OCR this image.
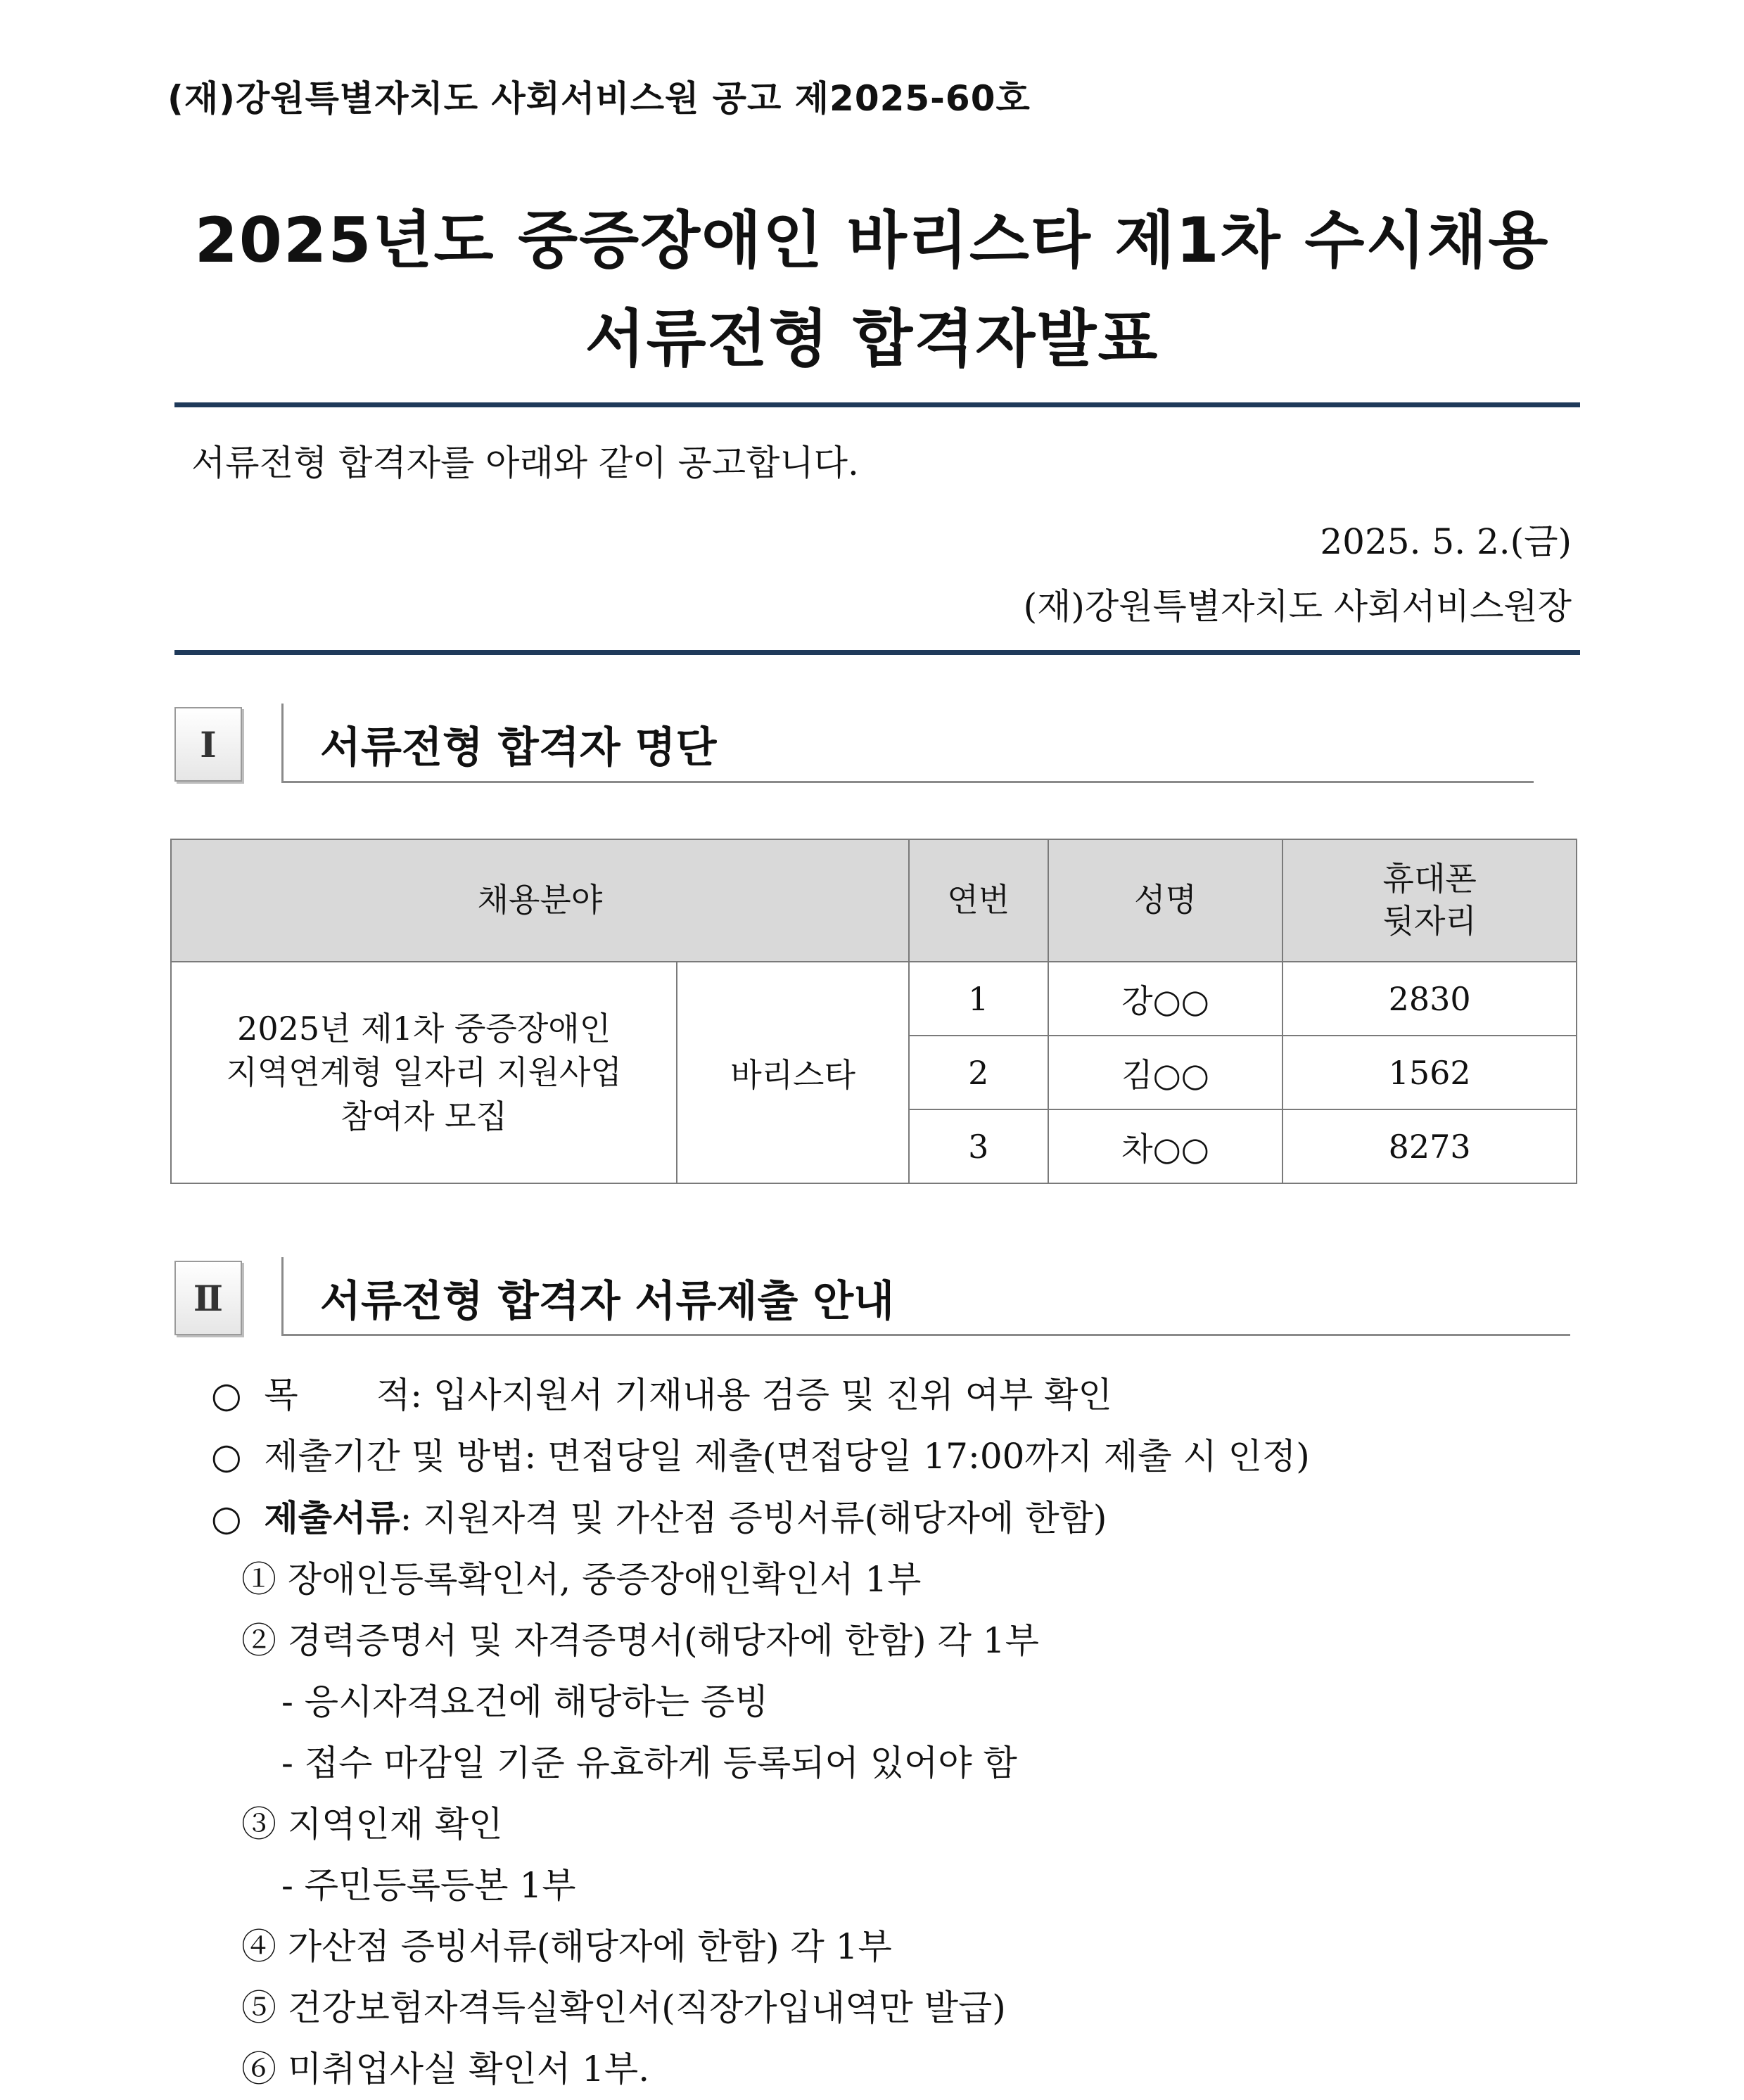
(재)강원특별자치도 사회서비스원 공고 제2025-60호
2025년도 중증장애인 바리스타 제1차 수시채용
서류전형 합격자발표
서류전형 합격자를 아래와 같이 공고합니다.
2025. 5. 2.(금)
(재)강원특별자치도 사회서비스원장
Ⅰ	서류전형 합격자 명단
채용분야		연번	성명	휴대폰
뒷자리
2025년 제1차 중증장애인
지역연계형 일자리 지원사업
참여자 모집	바리스타	1	강○○	2830
		2	김○○	1562
		3	차○○	8273
Ⅱ	서류전형 합격자 서류제출 안내
○  목       적: 입사지원서 기재내용 검증 및 진위 여부 확인
○  제출기간 및 방법: 면접당일 제출(면접당일 17:00까지 제출 시 인정)
○  제출서류: 지원자격 및 가산점 증빙서류(해당자에 한함)
① 장애인등록확인서, 중증장애인확인서 1부
② 경력증명서 및 자격증명서(해당자에 한함) 각 1부
- 응시자격요건에 해당하는 증빙
- 접수 마감일 기준 유효하게 등록되어 있어야 함
③ 지역인재 확인
- 주민등록등본 1부
④ 가산점 증빙서류(해당자에 한함) 각 1부
⑤ 건강보험자격득실확인서(직장가입내역만 발급)
⑥ 미취업사실 확인서 1부.
